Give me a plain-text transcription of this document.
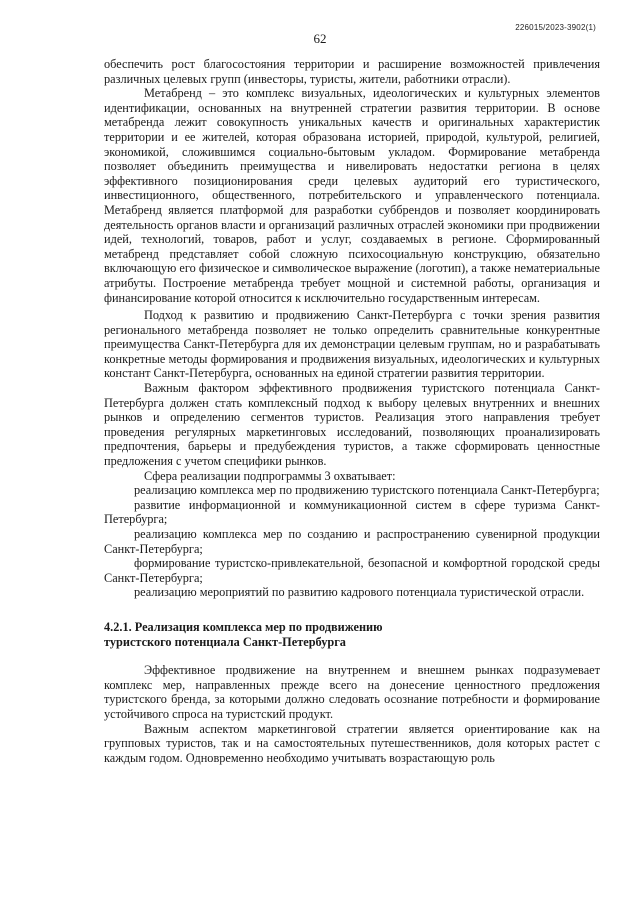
226015/2023-3902(1)
62

обеспечить рост благосостояния территории и расширение возможностей привлечения различных целевых групп (инвесторы, туристы, жители, работники отрасли).

Метабренд – это комплекс визуальных, идеологических и культурных элементов идентификации, основанных на внутренней стратегии развития территории. В основе метабренда лежит совокупность уникальных качеств и оригинальных характеристик территории и ее жителей, которая образована историей, природой, культурой, религией, экономикой, сложившимся социально-бытовым укладом. Формирование метабренда позволяет объединить преимущества и нивелировать недостатки региона в целях эффективного позиционирования среди целевых аудиторий его туристического, инвестиционного, общественного, потребительского и управленческого потенциала. Метабренд является платформой для разработки суббрендов и позволяет координировать деятельность органов власти и организаций различных отраслей экономики при продвижении идей, технологий, товаров, работ и услуг, создаваемых в регионе. Сформированный метабренд представляет собой сложную психосоциальную конструкцию, обязательно включающую его физическое и символическое выражение (логотип), а также нематериальные атрибуты. Построение метабренда требует мощной и системной работы, организация и финансирование которой относится к исключительно государственным интересам.

Подход к развитию и продвижению Санкт-Петербурга с точки зрения развития регионального метабренда позволяет не только определить сравнительные конкурентные преимущества Санкт-Петербурга для их демонстрации целевым группам, но и разрабатывать конкретные методы формирования и продвижения визуальных, идеологических и культурных констант Санкт-Петербурга, основанных на единой стратегии развития территории.

Важным фактором эффективного продвижения туристского потенциала Санкт-Петербурга должен стать комплексный подход к выбору целевых внутренних и внешних рынков и определению сегментов туристов. Реализация этого направления требует проведения регулярных маркетинговых исследований, позволяющих проанализировать предпочтения, барьеры и предубеждения туристов, а также сформировать ценностные предложения с учетом специфики рынков.

Сфера реализации подпрограммы 3 охватывает:

реализацию комплекса мер по продвижению туристского потенциала Санкт-Петербурга;

развитие информационной и коммуникационной систем в сфере туризма Санкт-Петербурга;

реализацию комплекса мер по созданию и распространению сувенирной продукции Санкт-Петербурга;

формирование туристско-привлекательной, безопасной и комфортной городской среды Санкт-Петербурга;

реализацию мероприятий по развитию кадрового потенциала туристической отрасли.

4.2.1. Реализация комплекса мер по продвижению

туристского потенциала Санкт-Петербурга

Эффективное продвижение на внутреннем и внешнем рынках подразумевает комплекс мер, направленных прежде всего на донесение ценностного предложения туристского бренда, за которыми должно следовать осознание потребности и формирование устойчивого спроса на туристский продукт.

Важным аспектом маркетинговой стратегии является ориентирование как на групповых туристов, так и на самостоятельных путешественников, доля которых растет с каждым годом. Одновременно необходимо учитывать возрастающую роль
